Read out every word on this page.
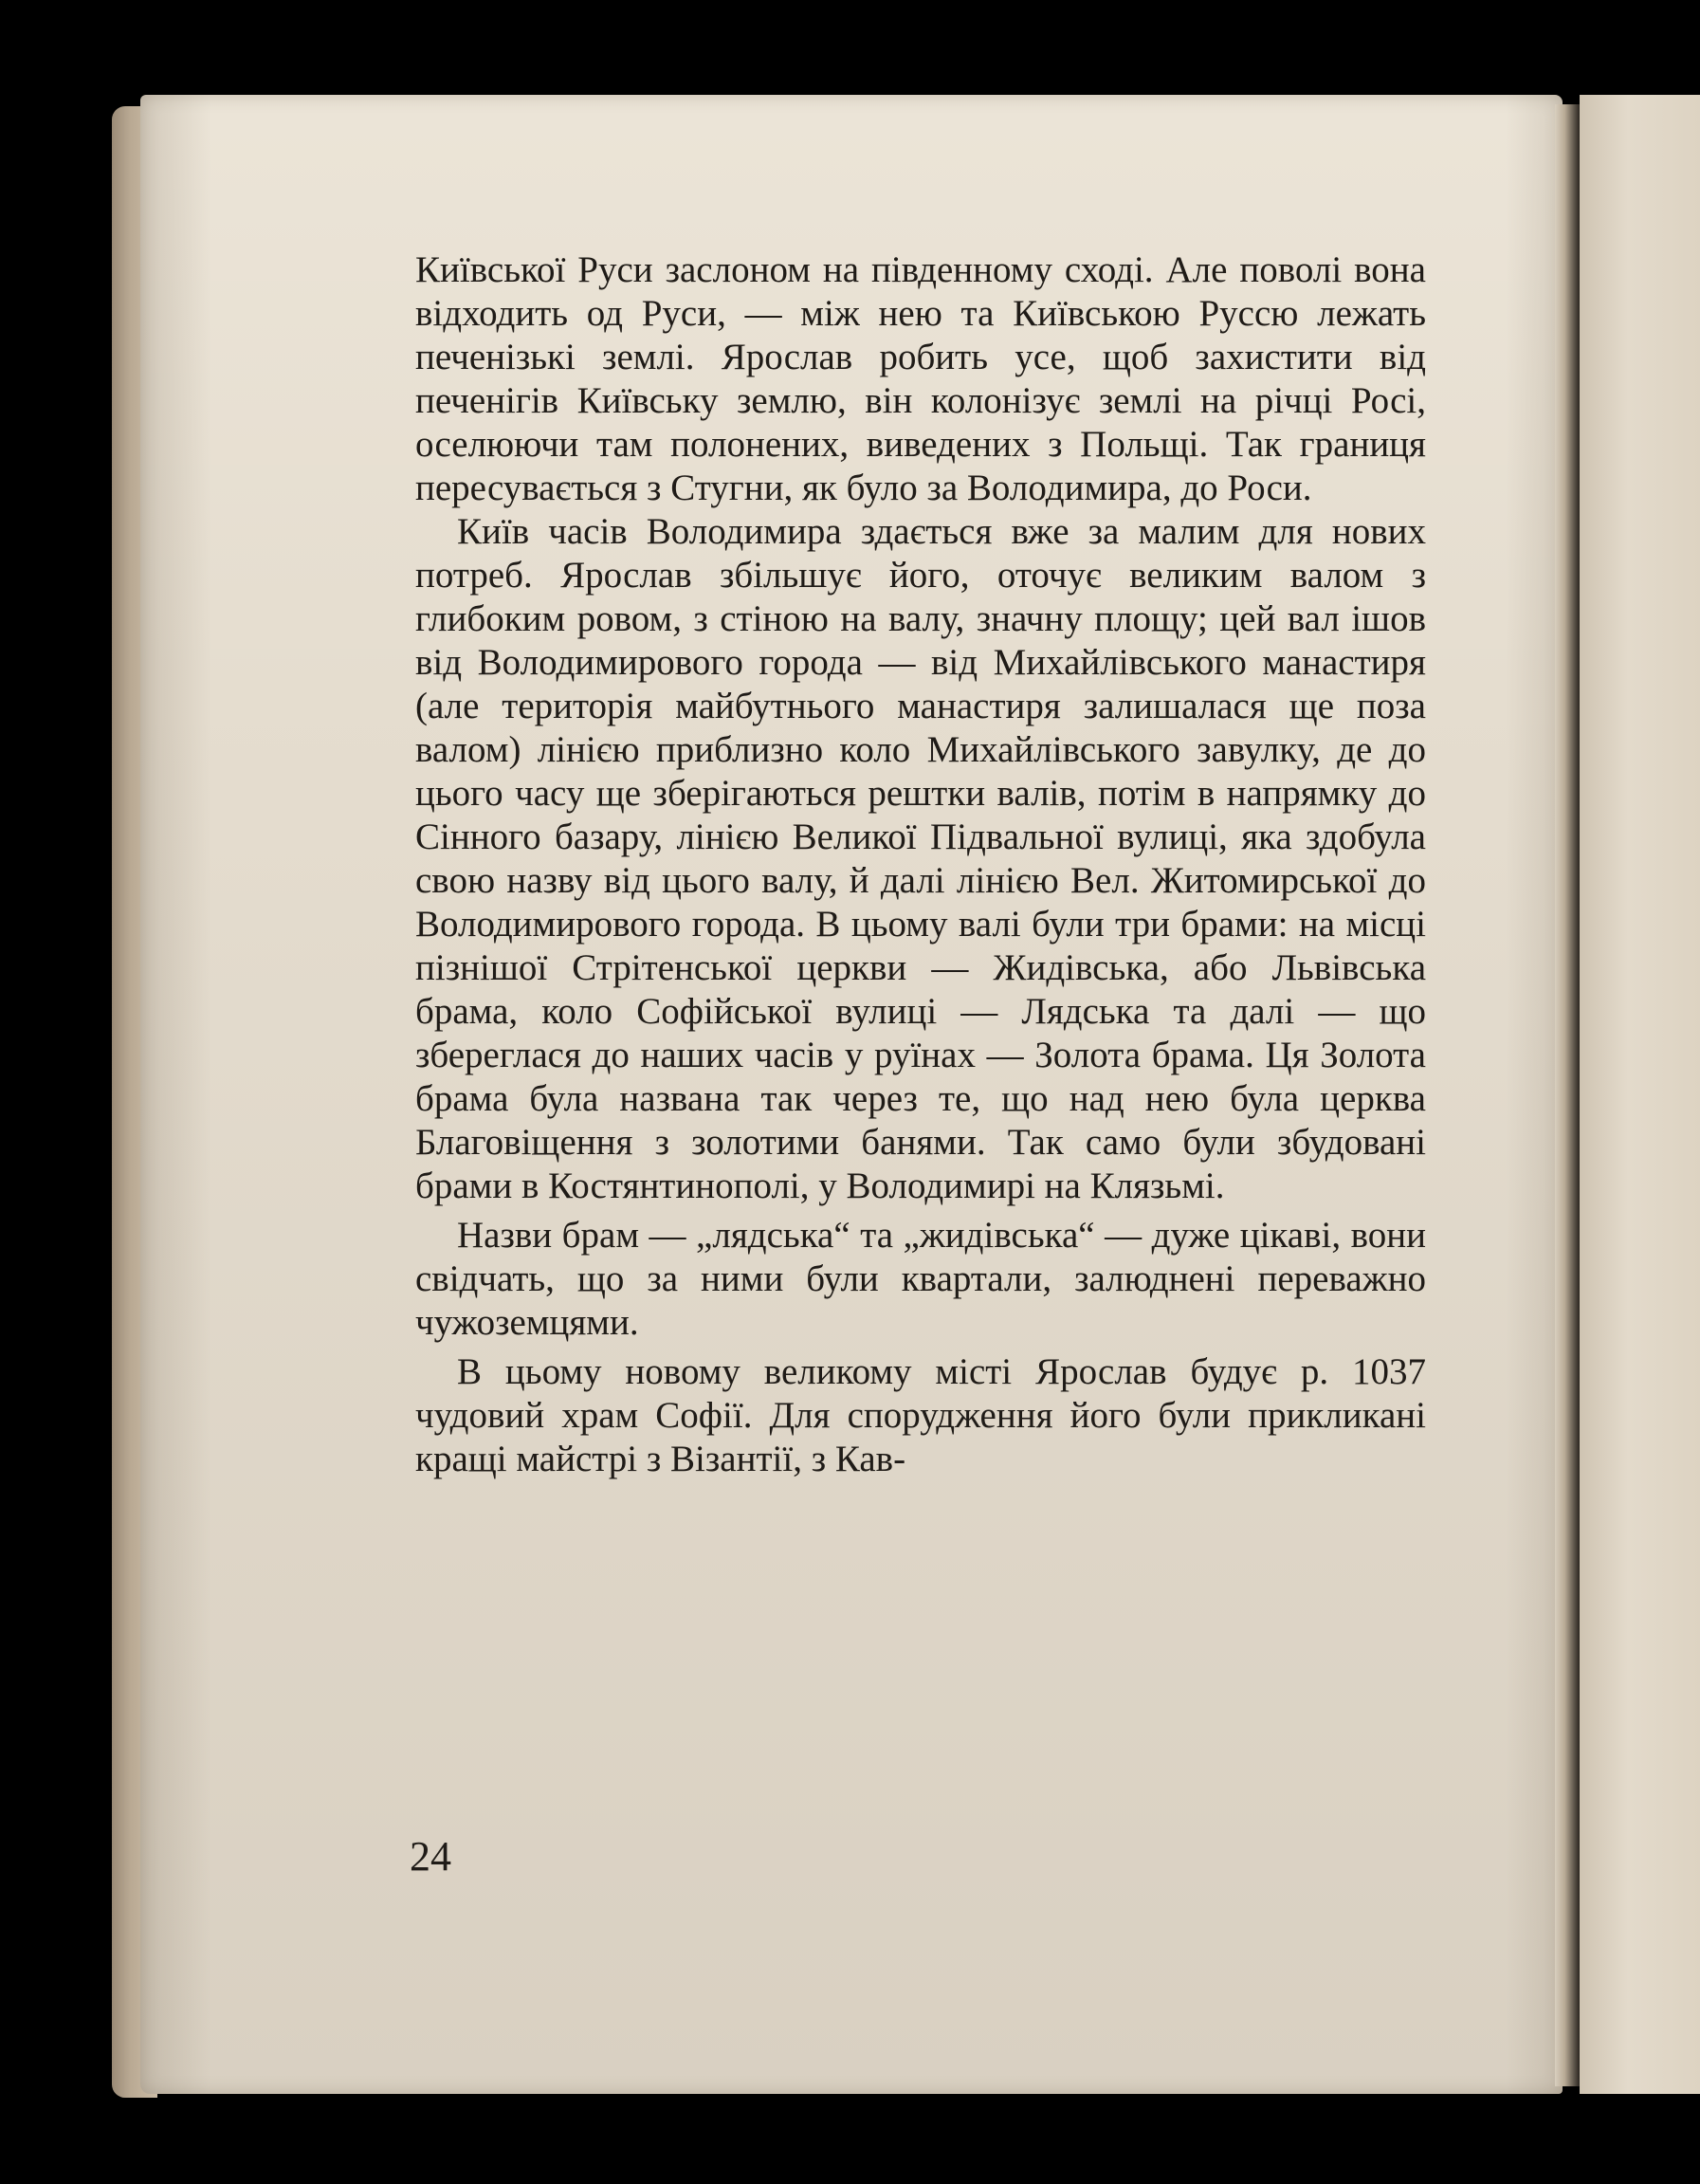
Київської Руси заслоном на південному сході. Але поволі вона відходить од Руси, — між нею та Київською Руссю лежать печенізькі землі. Ярослав робить усе, щоб захистити від печенігів Київську землю, він колонізує землі на річці Росі, оселюючи там полонених, виведених з Польщі. Так границя пересувається з Стугни, як було за Володимира, до Роси.

Київ часів Володимира здається вже за малим для нових потреб. Ярослав збільшує його, оточує великим валом з глибоким ровом, з стіною на валу, значну площу; цей вал ішов від Володимирового города — від Михайлівського манастиря (але територія майбутнього манастиря залишалася ще поза валом) лінією приблизно коло Михайлівського завулку, де до цього часу ще зберігаються рештки валів, потім в напрямку до Сінного базару, лінією Великої Підвальної вулиці, яка здобула свою назву від цього валу, й далі лінією Вел. Житомирської до Володимирового города. В цьому валі були три брами: на місці пізнішої Стрітенської церкви — Жидівська, або Львівська брама, коло Софійської вулиці — Лядська та далі — що збереглася до наших часів у руїнах — Золота брама. Ця Золота брама була названа так через те, що над нею була церква Благовіщення з золотими банями. Так само були збудовані брами в Костянтинополі, у Володимирі на Клязьмі.

Назви брам — „лядська“ та „жидівська“ — дуже цікаві, вони свідчать, що за ними були квартали, залюднені переважно чужоземцями.

В цьому новому великому місті Ярослав будує р. 1037 чудовий храм Софії. Для спорудження його були прикликані кращі майстрі з Візантії, з Кав-

24
